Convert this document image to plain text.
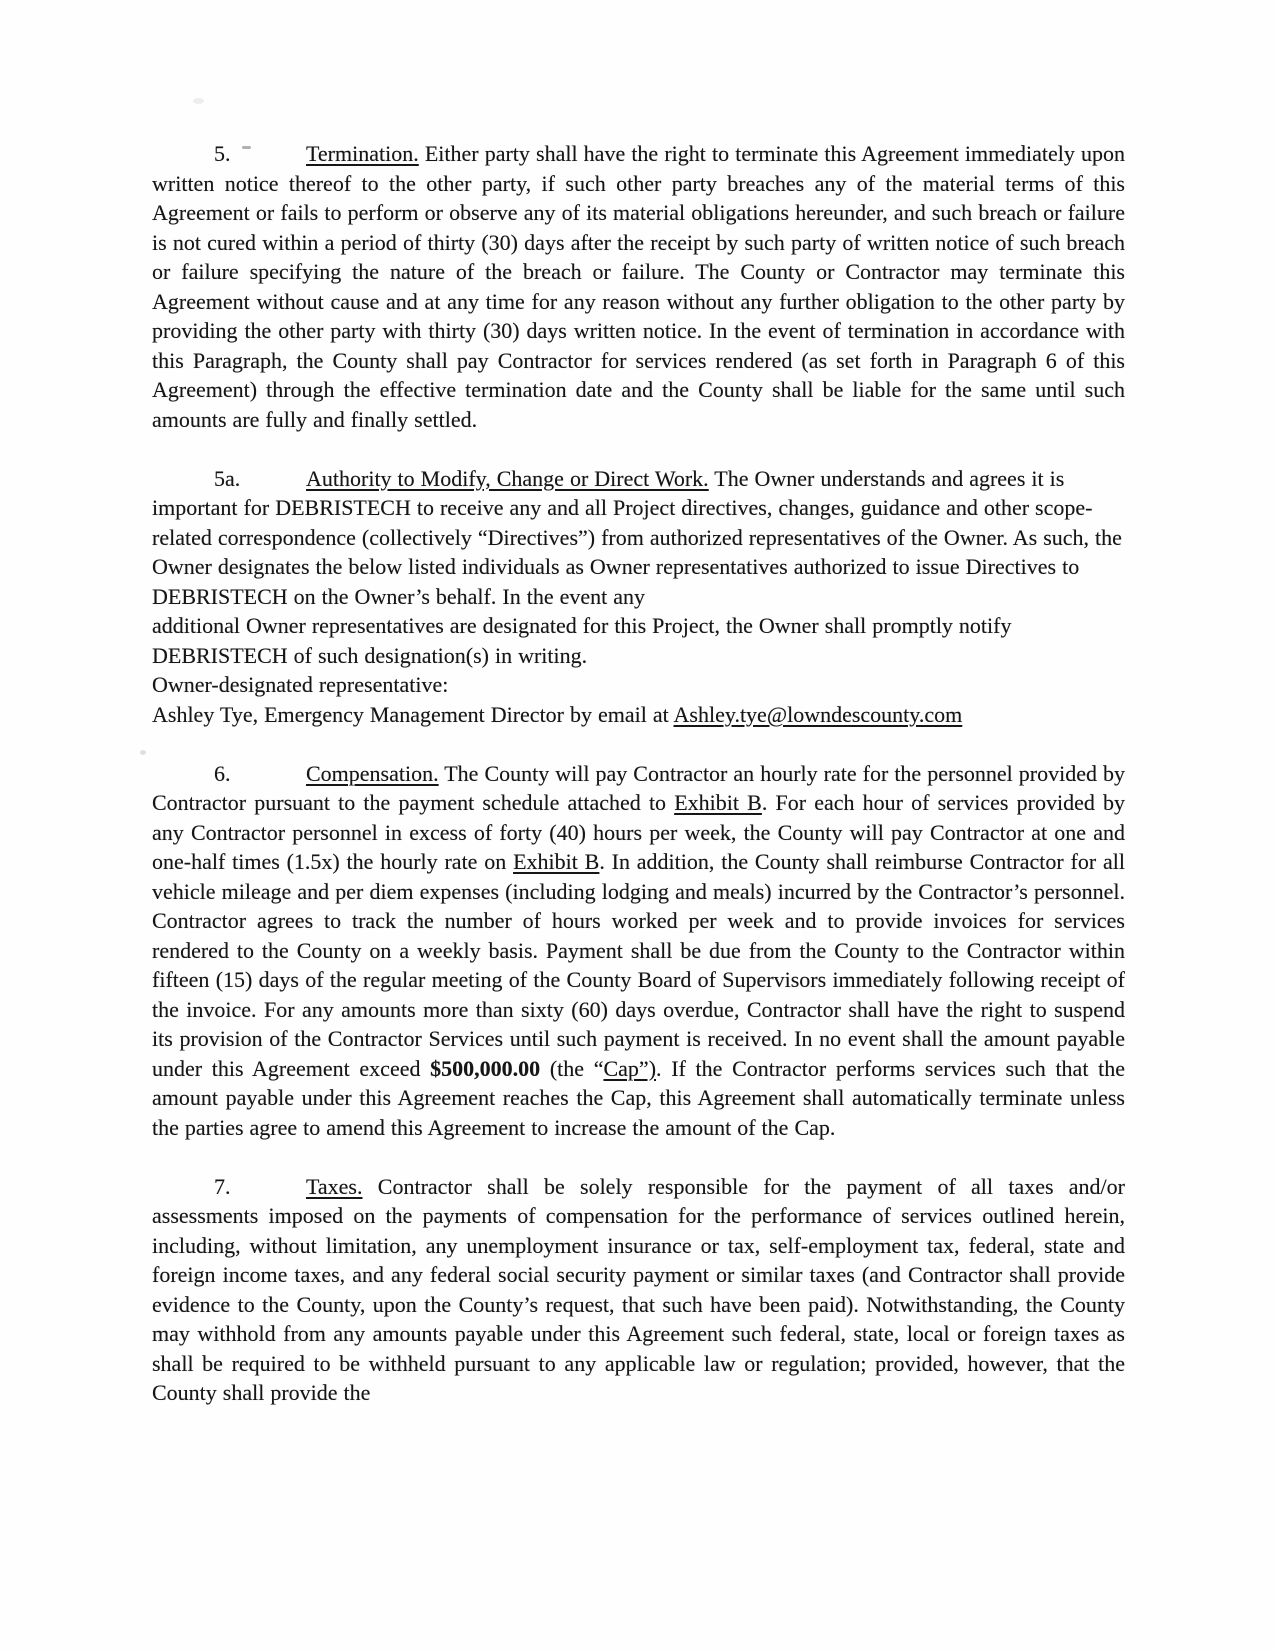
5.	Termination. Either party shall have the right to terminate this Agreement immediately upon written notice thereof to the other party, if such other party breaches any of the material terms of this Agreement or fails to perform or observe any of its material obligations hereunder, and such breach or failure is not cured within a period of thirty (30) days after the receipt by such party of written notice of such breach or failure specifying the nature of the breach or failure. The County or Contractor may terminate this Agreement without cause and at any time for any reason without any further obligation to the other party by providing the other party with thirty (30) days written notice. In the event of termination in accordance with this Paragraph, the County shall pay Contractor for services rendered (as set forth in Paragraph 6 of this Agreement) through the effective termination date and the County shall be liable for the same until such amounts are fully and finally settled.

5a.	Authority to Modify, Change or Direct Work. The Owner understands and agrees it is important for DEBRISTECH to receive any and all Project directives, changes, guidance and other scope-related correspondence (collectively “Directives”) from authorized representatives of the Owner. As such, the Owner designates the below listed individuals as Owner representatives authorized to issue Directives to DEBRISTECH on the Owner’s behalf. In the event any
additional Owner representatives are designated for this Project, the Owner shall promptly notify DEBRISTECH of such designation(s) in writing.
Owner-designated representative:
Ashley Tye, Emergency Management Director by email at Ashley.tye@lowndescounty.com

6.	Compensation. The County will pay Contractor an hourly rate for the personnel provided by Contractor pursuant to the payment schedule attached to Exhibit B. For each hour of services provided by any Contractor personnel in excess of forty (40) hours per week, the County will pay Contractor at one and one-half times (1.5x) the hourly rate on Exhibit B. In addition, the County shall reimburse Contractor for all vehicle mileage and per diem expenses (including lodging and meals) incurred by the Contractor’s personnel. Contractor agrees to track the number of hours worked per week and to provide invoices for services rendered to the County on a weekly basis. Payment shall be due from the County to the Contractor within fifteen (15) days of the regular meeting of the County Board of Supervisors immediately following receipt of the invoice. For any amounts more than sixty (60) days overdue, Contractor shall have the right to suspend its provision of the Contractor Services until such payment is received. In no event shall the amount payable under this Agreement exceed $500,000.00 (the “Cap”). If the Contractor performs services such that the amount payable under this Agreement reaches the Cap, this Agreement shall automatically terminate unless the parties agree to amend this Agreement to increase the amount of the Cap.

7.	Taxes. Contractor shall be solely responsible for the payment of all taxes and/or assessments imposed on the payments of compensation for the performance of services outlined herein, including, without limitation, any unemployment insurance or tax, self-employment tax, federal, state and foreign income taxes, and any federal social security payment or similar taxes (and Contractor shall provide evidence to the County, upon the County’s request, that such have been paid). Notwithstanding, the County may withhold from any amounts payable under this Agreement such federal, state, local or foreign taxes as shall be required to be withheld pursuant to any applicable law or regulation; provided, however, that the County shall provide the
